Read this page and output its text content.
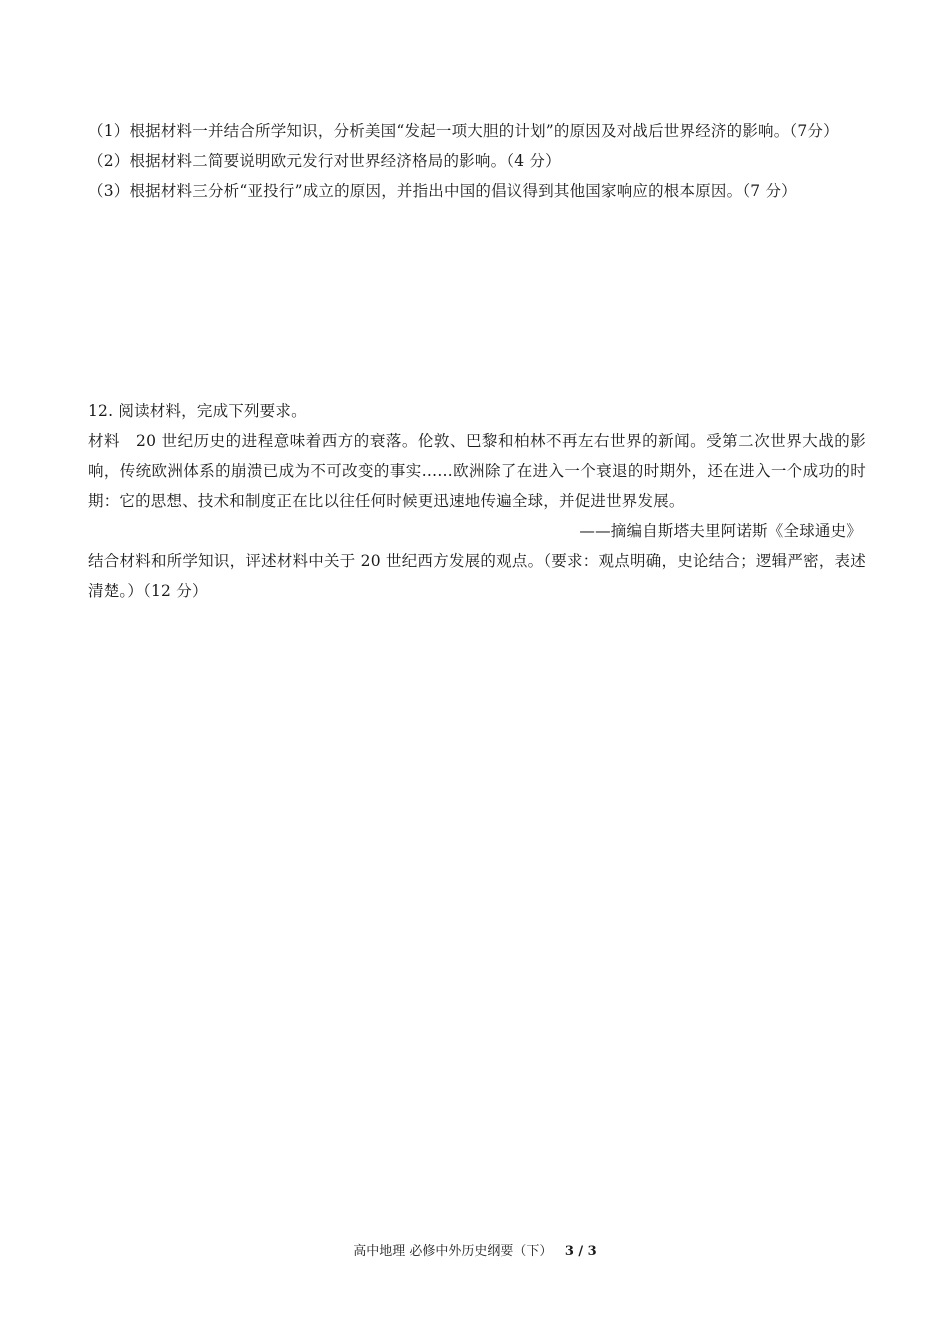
（1）根据材料一并结合所学知识，分析美国“发起一项大胆的计划”的原因及对战后世界经济的影响。（7分）
（2）根据材料二简要说明欧元发行对世界经济格局的影响。（4 分）
（3）根据材料三分析“亚投行”成立的原因，并指出中国的倡议得到其他国家响应的根本原因。（7 分）
12. 阅读材料，完成下列要求。
材料　20 世纪历史的进程意味着西方的衰落。伦敦、巴黎和柏林不再左右世界的新闻。受第二次世界大战的影响，传统欧洲体系的崩溃已成为不可改变的事实……欧洲除了在进入一个衰退的时期外，还在进入一个成功的时期：它的思想、技术和制度正在比以往任何时候更迅速地传遍全球，并促进世界发展。
——摘编自斯塔夫里阿诺斯《全球通史》
结合材料和所学知识，评述材料中关于 20 世纪西方发展的观点。（要求：观点明确，史论结合；逻辑严密，表述清楚。）（12 分）
高中地理 必修中外历史纲要（下） 3 / 3
